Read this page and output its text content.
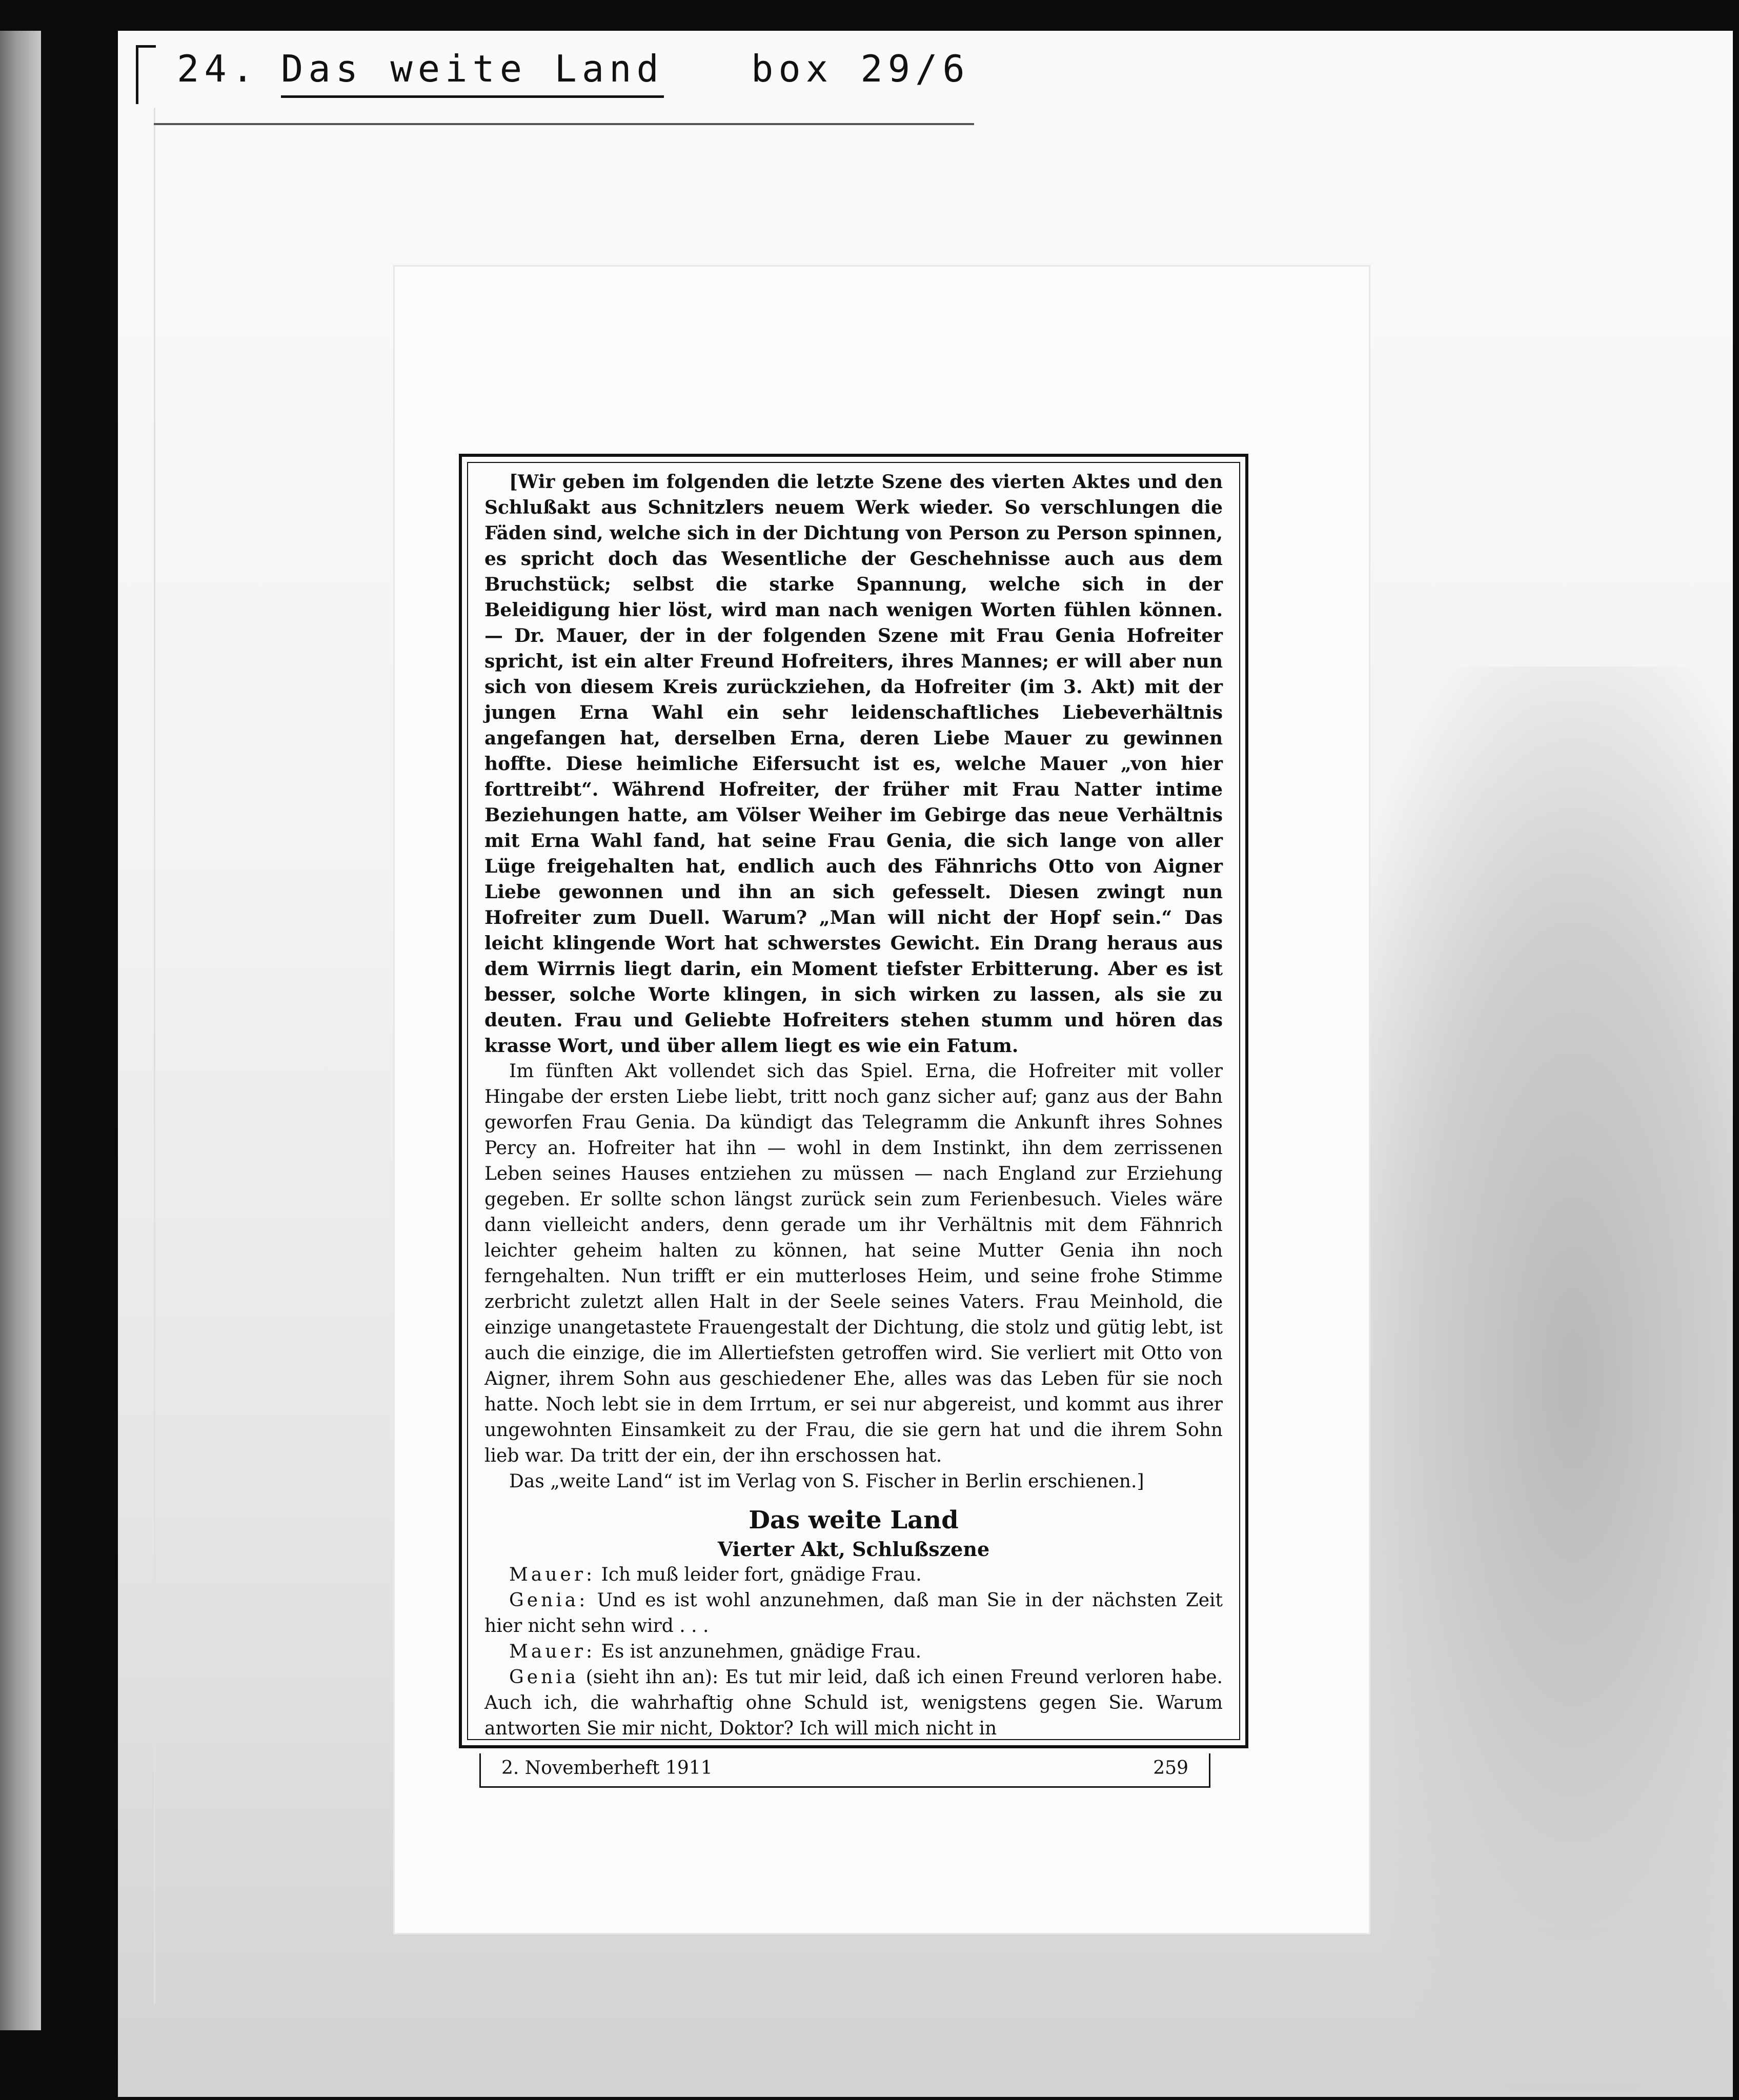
24. Das weite Land box 29/6

[Wir geben im folgenden die letzte Szene des vierten Aktes und den Schlußakt aus Schnitzlers neuem Werk wieder. So verschlungen die Fäden sind, welche sich in der Dichtung von Person zu Person spinnen, es spricht doch das Wesentliche der Geschehnisse auch aus dem Bruchstück; selbst die starke Spannung, welche sich in der Beleidigung hier löst, wird man nach wenigen Worten fühlen können. — Dr. Mauer, der in der folgenden Szene mit Frau Genia Hofreiter spricht, ist ein alter Freund Hofreiters, ihres Mannes; er will aber nun sich von diesem Kreis zurückziehen, da Hofreiter (im 3. Akt) mit der jungen Erna Wahl ein sehr leidenschaftliches Liebeverhältnis angefangen hat, derselben Erna, deren Liebe Mauer zu gewinnen hoffte. Diese heimliche Eifersucht ist es, welche Mauer „von hier forttreibt“. Während Hofreiter, der früher mit Frau Natter intime Beziehungen hatte, am Völser Weiher im Gebirge das neue Verhältnis mit Erna Wahl fand, hat seine Frau Genia, die sich lange von aller Lüge freigehalten hat, endlich auch des Fähnrichs Otto von Aigner Liebe gewonnen und ihn an sich gefesselt. Diesen zwingt nun Hofreiter zum Duell. Warum? „Man will nicht der Hopf sein.“ Das leicht klingende Wort hat schwerstes Gewicht. Ein Drang heraus aus dem Wirrnis liegt darin, ein Moment tiefster Erbitterung. Aber es ist besser, solche Worte klingen, in sich wirken zu lassen, als sie zu deuten. Frau und Geliebte Hofreiters stehen stumm und hören das krasse Wort, und über allem liegt es wie ein Fatum.

Im fünften Akt vollendet sich das Spiel. Erna, die Hofreiter mit voller Hingabe der ersten Liebe liebt, tritt noch ganz sicher auf; ganz aus der Bahn geworfen Frau Genia. Da kündigt das Telegramm die Ankunft ihres Sohnes Percy an. Hofreiter hat ihn — wohl in dem Instinkt, ihn dem zerrissenen Leben seines Hauses entziehen zu müssen — nach England zur Erziehung gegeben. Er sollte schon längst zurück sein zum Ferienbesuch. Vieles wäre dann vielleicht anders, denn gerade um ihr Verhältnis mit dem Fähnrich leichter geheim halten zu können, hat seine Mutter Genia ihn noch ferngehalten. Nun trifft er ein mutterloses Heim, und seine frohe Stimme zerbricht zuletzt allen Halt in der Seele seines Vaters. Frau Meinhold, die einzige unangetastete Frauengestalt der Dichtung, die stolz und gütig lebt, ist auch die einzige, die im Allertiefsten getroffen wird. Sie verliert mit Otto von Aigner, ihrem Sohn aus geschiedener Ehe, alles was das Leben für sie noch hatte. Noch lebt sie in dem Irrtum, er sei nur abgereist, und kommt aus ihrer ungewohnten Einsamkeit zu der Frau, die sie gern hat und die ihrem Sohn lieb war. Da tritt der ein, der ihn erschossen hat.

Das „weite Land“ ist im Verlag von S. Fischer in Berlin erschienen.]

Das weite Land
Vierter Akt, Schlußszene

Mauer: Ich muß leider fort, gnädige Frau.

Genia: Und es ist wohl anzunehmen, daß man Sie in der nächsten Zeit hier nicht sehn wird . . .

Mauer: Es ist anzunehmen, gnädige Frau.

Genia (sieht ihn an): Es tut mir leid, daß ich einen Freund verloren habe. Auch ich, die wahrhaftig ohne Schuld ist, wenigstens gegen Sie. Warum antworten Sie mir nicht, Doktor? Ich will mich nicht in

2. Novemberheft 1911	259
